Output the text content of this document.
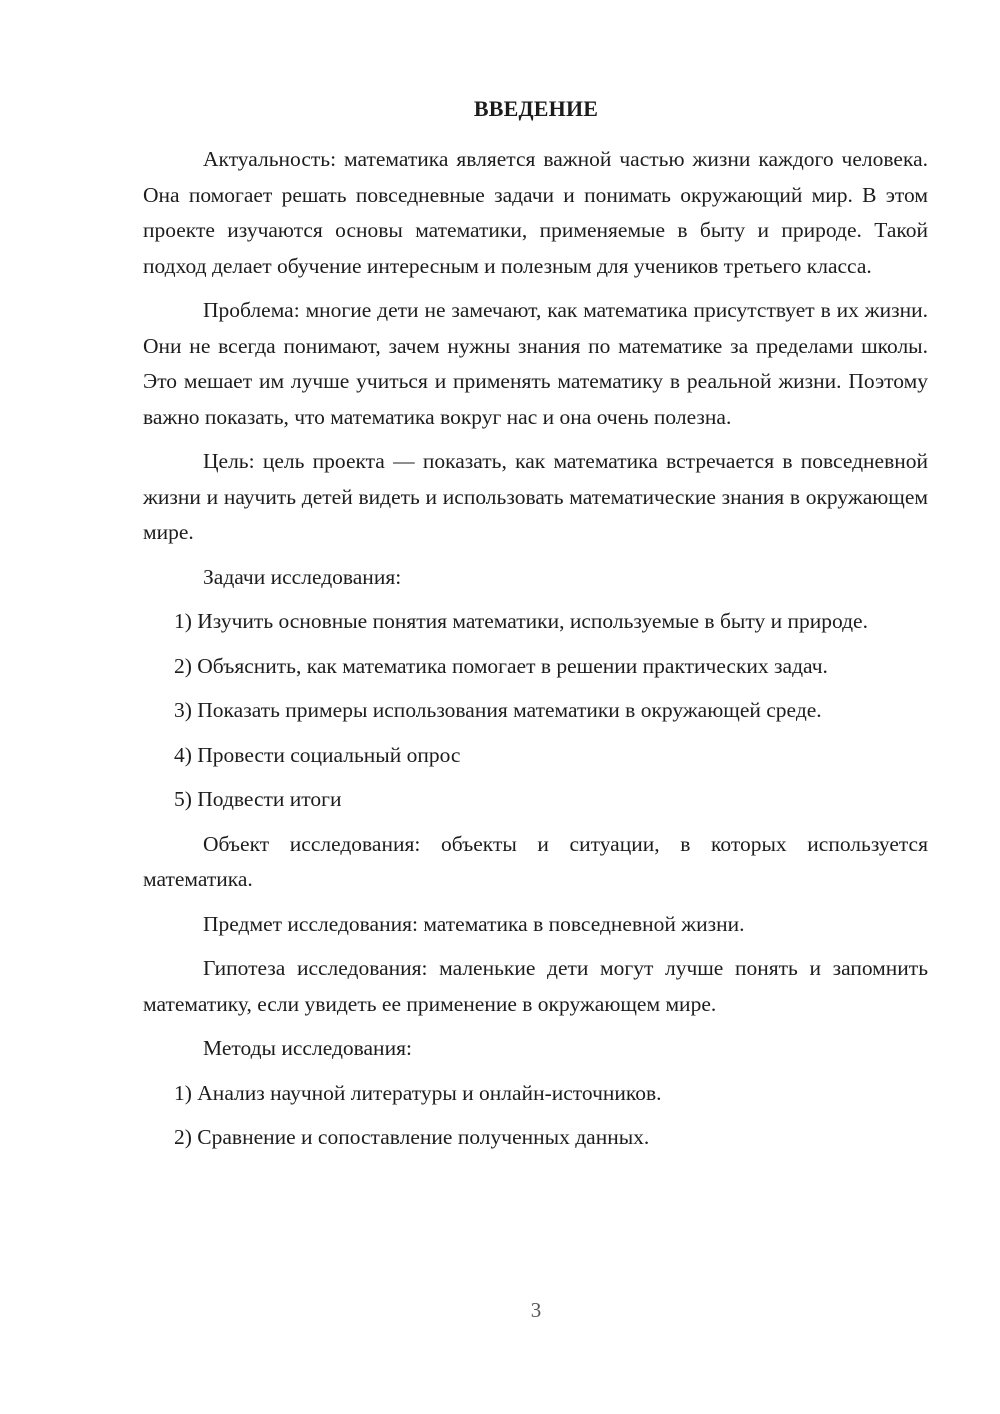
ВВЕДЕНИЕ

Актуальность: математика является важной частью жизни каждого человека. Она помогает решать повседневные задачи и понимать окружающий мир. В этом проекте изучаются основы математики, применяемые в быту и природе. Такой подход делает обучение интересным и полезным для учеников третьего класса.

Проблема: многие дети не замечают, как математика присутствует в их жизни. Они не всегда понимают, зачем нужны знания по математике за пределами школы. Это мешает им лучше учиться и применять математику в реальной жизни. Поэтому важно показать, что математика вокруг нас и она очень полезна.

Цель: цель проекта — показать, как математика встречается в повседневной жизни и научить детей видеть и использовать математические знания в окружающем мире.

Задачи исследования:

1) Изучить основные понятия математики, используемые в быту и природе.

2) Объяснить, как математика помогает в решении практических задач.

3) Показать примеры использования математики в окружающей среде.

4) Провести социальный опрос

5) Подвести итоги

Объект исследования: объекты и ситуации, в которых используется математика.

Предмет исследования: математика в повседневной жизни.

Гипотеза исследования: маленькие дети могут лучше понять и запомнить математику, если увидеть ее применение в окружающем мире.

Методы исследования:

1) Анализ научной литературы и онлайн-источников.

2) Сравнение и сопоставление полученных данных.

3
